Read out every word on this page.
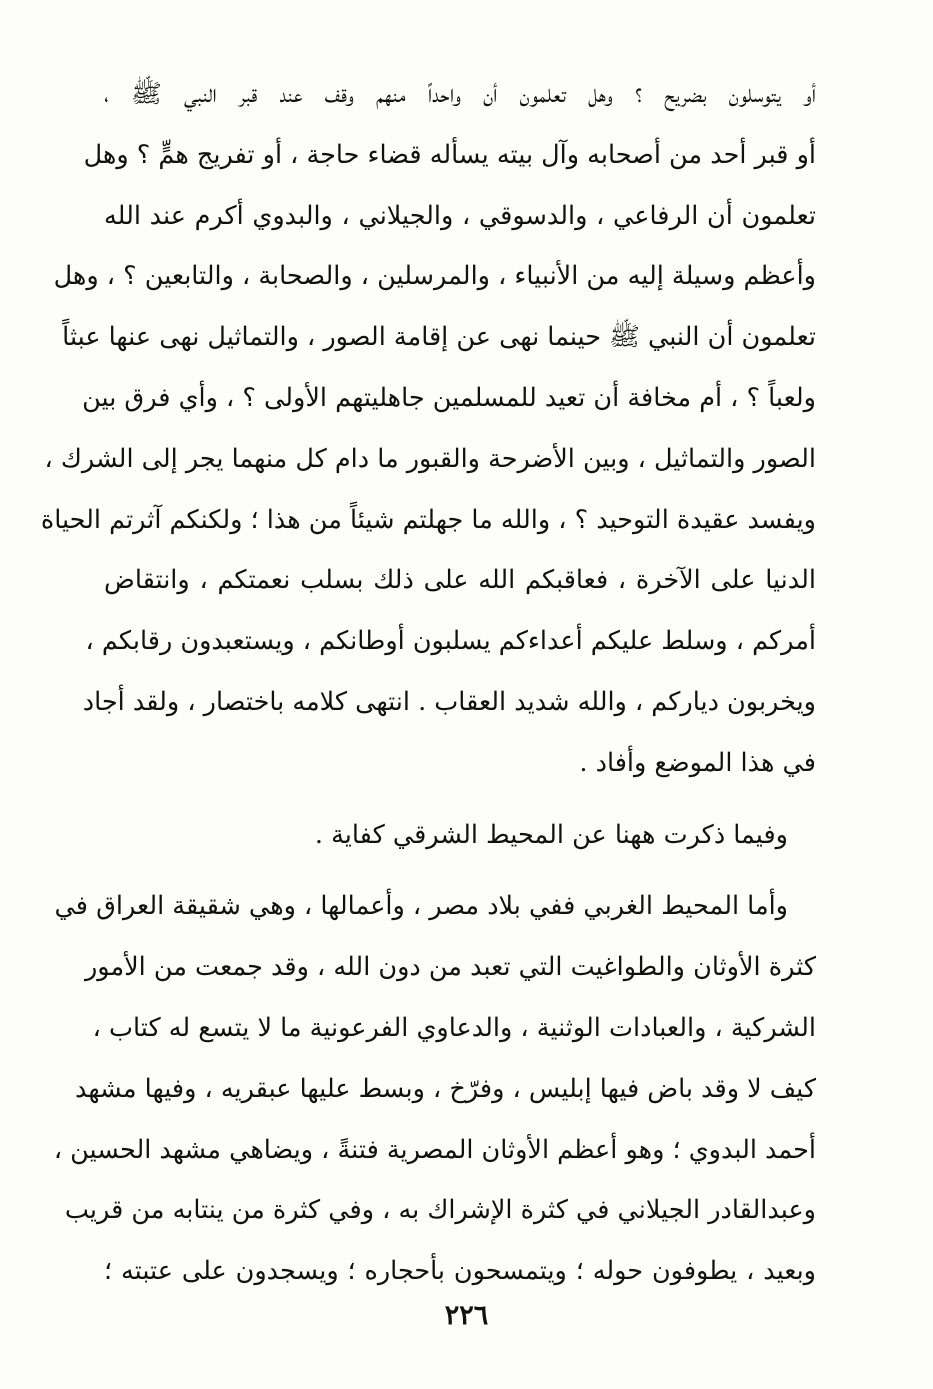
أو يتوسلون بضريح ؟ وهل تعلمون أن واحداً منهم وقف عند قبر النبي ﷺ ،
أو قبر أحد من أصحابه وآل بيته يسأله قضاء حاجة ، أو تفريج همٍّ ؟ وهل
تعلمون أن الرفاعي ، والدسوقي ، والجيلاني ، والبدوي أكرم عند الله
وأعظم وسيلة إليه من الأنبياء ، والمرسلين ، والصحابة ، والتابعين ؟ ، وهل
تعلمون أن النبي ﷺ حينما نهى عن إقامة الصور ، والتماثيل نهى عنها عبثاً
ولعباً ؟ ، أم مخافة أن تعيد للمسلمين جاهليتهم الأولى ؟ ، وأي فرق بين
الصور والتماثيل ، وبين الأضرحة والقبور ما دام كل منهما يجر إلى الشرك ،
ويفسد عقيدة التوحيد ؟ ، والله ما جهلتم شيئاً من هذا ؛ ولكنكم آثرتم الحياة
الدنيا على الآخرة ، فعاقبكم الله على ذلك بسلب نعمتكم ، وانتقاض
أمركم ، وسلط عليكم أعداءكم يسلبون أوطانكم ، ويستعبدون رقابكم ،
ويخربون دياركم ، والله شديد العقاب . انتهى كلامه باختصار ، ولقد أجاد
في هذا الموضع وأفاد .
وفيما ذكرت ههنا عن المحيط الشرقي كفاية .
وأما المحيط الغربي ففي بلاد مصر ، وأعمالها ، وهي شقيقة العراق في
كثرة الأوثان والطواغيت التي تعبد من دون الله ، وقد جمعت من الأمور
الشركية ، والعبادات الوثنية ، والدعاوي الفرعونية ما لا يتسع له كتاب ،
كيف لا وقد باض فيها إبليس ، وفرّخ ، وبسط عليها عبقريه ، وفيها مشهد
أحمد البدوي ؛ وهو أعظم الأوثان المصرية فتنةً ، ويضاهي مشهد الحسين ،
وعبدالقادر الجيلاني في كثرة الإشراك به ، وفي كثرة من ينتابه من قريب
وبعيد ، يطوفون حوله ؛ ويتمسحون بأحجاره ؛ ويسجدون على عتبته ؛
٢٢٦
